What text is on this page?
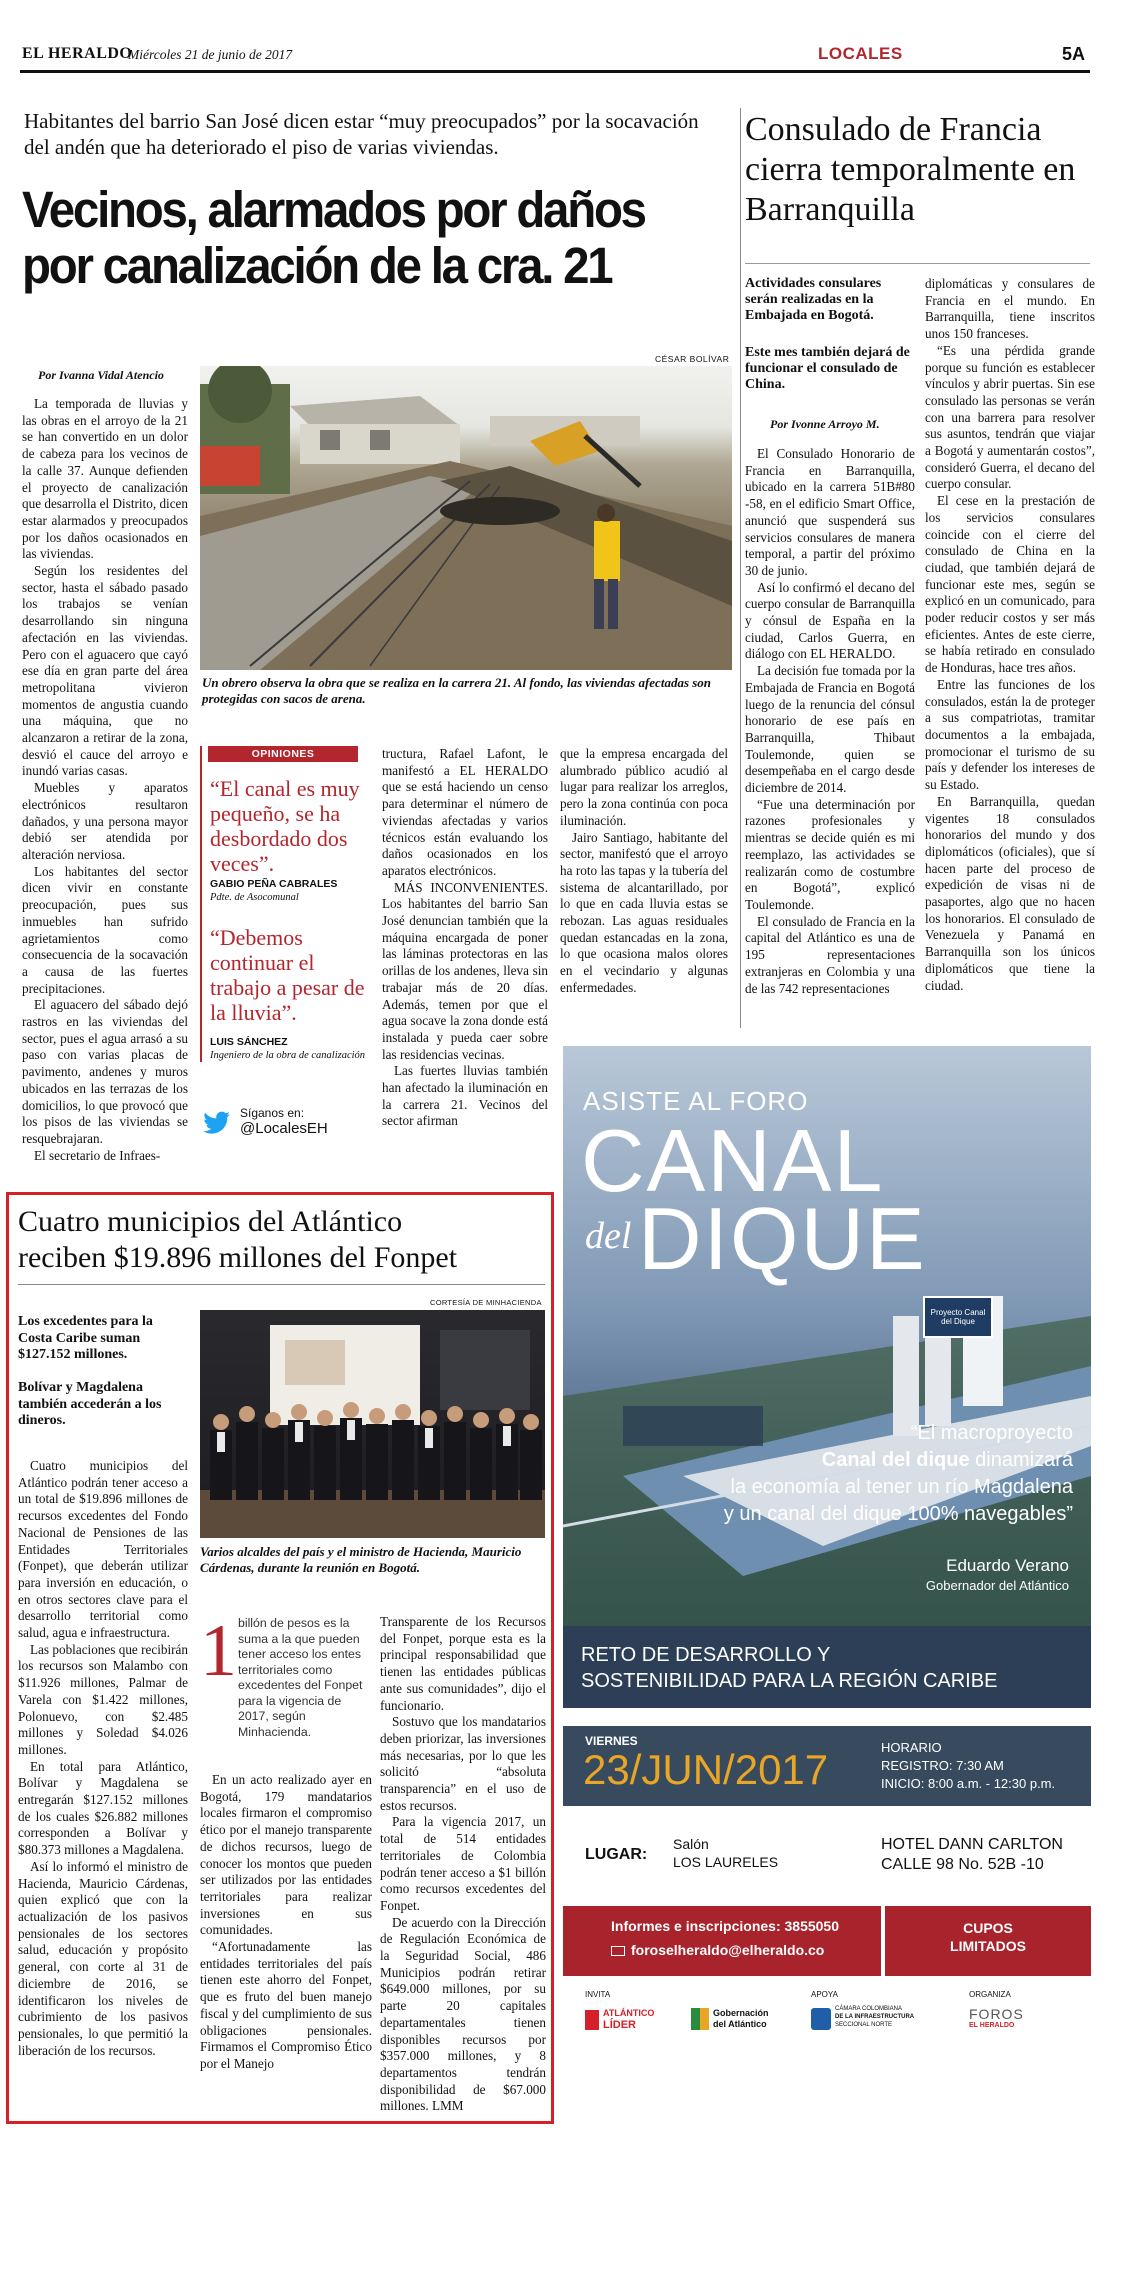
EL HERALDO
Miércoles 21 de junio de 2017	LOCALES	5A
Habitantes del barrio San José dicen estar “muy preocupados” por la socavación del andén que ha deteriorado el piso de varias viviendas.
Vecinos, alarmados por daños
por canalización de la cra. 21
Por Ivanna Vidal Atencio
CÉSAR BOLÍVAR
Un obrero observa la obra que se realiza en la carrera 21. Al fondo, las viviendas afectadas son protegidas con sacos de arena.

La temporada de lluvias y las obras en el arroyo de la 21 se han convertido en un dolor de cabeza para los vecinos de la calle 37. Aunque defienden el proyecto de canalización que desarrolla el Distrito, dicen estar alarmados y preocupados por los daños ocasionados en las viviendas.

Según los residentes del sector, hasta el sábado pasado los trabajos se venían desarrollando sin ninguna afectación en las viviendas. Pero con el aguacero que cayó ese día en gran parte del área metropolitana vivieron momentos de angustia cuando una máquina, que no alcanzaron a retirar de la zona, desvió el cauce del arroyo e inundó varias casas.

Muebles y aparatos electrónicos resultaron dañados, y una persona mayor debió ser atendida por alteración nerviosa.

Los habitantes del sector dicen vivir en constante preocupación, pues sus inmuebles han sufrido agrietamientos como consecuencia de la socavación a causa de las fuertes precipitaciones.

El aguacero del sábado dejó rastros en las viviendas del sector, pues el agua arrasó a su paso con varias placas de pavimento, andenes y muros ubicados en las terrazas de los domicilios, lo que provocó que los pisos de las viviendas se resquebrajaran.

El secretario de Infraes-

OPINIONES
“El canal es muy pequeño, se ha desbordado dos veces”.
GABIO PEÑA CABRALES
Pdte. de Asocomunal
“Debemos continuar el trabajo a pesar de la lluvia”.
LUIS SÁNCHEZ
Ingeniero de la obra de canalización
Síganos en:
@LocalesEH

tructura, Rafael Lafont, le manifestó a EL HERALDO que se está haciendo un censo para determinar el número de viviendas afectadas y varios técnicos están evaluando los daños ocasionados en los aparatos electrónicos.

MÁS INCONVENIENTES. Los habitantes del barrio San José denuncian también que la máquina encargada de poner las láminas protectoras en las orillas de los andenes, lleva sin trabajar más de 20 días. Además, temen por que el agua socave la zona donde está instalada y pueda caer sobre las residencias vecinas.

Las fuertes lluvias también han afectado la iluminación en la carrera 21. Vecinos del sector afirman

que la empresa encargada del alumbrado público acudió al lugar para realizar los arreglos, pero la zona continúa con poca iluminación.

Jairo Santiago, habitante del sector, manifestó que el arroyo ha roto las tapas y la tubería del sistema de alcantarillado, por lo que en cada lluvia estas se rebozan. Las aguas residuales quedan estancadas en la zona, lo que ocasiona malos olores en el vecindario y algunas enfermedades.

Consulado de Francia cierra temporalmente en Barranquilla
Actividades consulares serán realizadas en la Embajada en Bogotá.
Este mes también dejará de funcionar el consulado de China.
Por Ivonne Arroyo M.

El Consulado Honorario de Francia en Barranquilla, ubicado en la carrera 51B#80 -58, en el edificio Smart Office, anunció que suspenderá sus servicios consulares de manera temporal, a partir del próximo 30 de junio.

Así lo confirmó el decano del cuerpo consular de Barranquilla y cónsul de España en la ciudad, Carlos Guerra, en diálogo con EL HERALDO.

La decisión fue tomada por la Embajada de Francia en Bogotá luego de la renuncia del cónsul honorario de ese país en Barranquilla, Thibaut Toulemonde, quien se desempeñaba en el cargo desde diciembre de 2014.

“Fue una determinación por razones profesionales y mientras se decide quién es mi reemplazo, las actividades se realizarán como de costumbre en Bogotá”, explicó Toulemonde.

El consulado de Francia en la capital del Atlántico es una de 195 representaciones extranjeras en Colombia y una de las 742 representaciones

diplomáticas y consulares de Francia en el mundo. En Barranquilla, tiene inscritos unos 150 franceses.

“Es una pérdida grande porque su función es establecer vínculos y abrir puertas. Sin ese consulado las personas se verán con una barrera para resolver sus asuntos, tendrán que viajar a Bogotá y aumentarán costos”, consideró Guerra, el decano del cuerpo consular.

El cese en la prestación de los servicios consulares coincide con el cierre del consulado de China en la ciudad, que también dejará de funcionar este mes, según se explicó en un comunicado, para poder reducir costos y ser más eficientes. Antes de este cierre, se había retirado en consulado de Honduras, hace tres años.

Entre las funciones de los consulados, están la de proteger a sus compatriotas, tramitar documentos a la embajada, promocionar el turismo de su país y defender los intereses de su Estado.

En Barranquilla, quedan vigentes 18 consulados honorarios del mundo y dos diplomáticos (oficiales), que sí hacen parte del proceso de expedición de visas ni de pasaportes, algo que no hacen los honorarios. El consulado de Venezuela y Panamá en Barranquilla son los únicos diplomáticos que tiene la ciudad.

Cuatro municipios del Atlántico
reciben $19.896 millones del Fonpet
CORTESÍA DE MINHACIENDA
Los excedentes para la Costa Caribe suman $127.152 millones.
Bolívar y Magdalena también accederán a los dineros.
Varios alcaldes del país y el ministro de Hacienda, Mauricio Cárdenas, durante la reunión en Bogotá.

Cuatro municipios del Atlántico podrán tener acceso a un total de $19.896 millones de recursos excedentes del Fondo Nacional de Pensiones de las Entidades Territoriales (Fonpet), que deberán utilizar para inversión en educación, o en otros sectores clave para el desarrollo territorial como salud, agua e infraestructura.

Las poblaciones que recibirán los recursos son Malambo con $11.926 millones, Palmar de Varela con $1.422 millones, Polonuevo, con $2.485 millones y Soledad $4.026 millones.

En total para Atlántico, Bolívar y Magdalena se entregarán $127.152 millones de los cuales $26.882 millones corresponden a Bolívar y $80.373 millones a Magdalena.

Así lo informó el ministro de Hacienda, Mauricio Cárdenas, quien explicó que con la actualización de los pasivos pensionales de los sectores salud, educación y propósito general, con corte al 31 de diciembre de 2016, se identificaron los niveles de cubrimiento de los pasivos pensionales, lo que permitió la liberación de los recursos.

1 billón de pesos es la suma a la que pueden tener acceso los entes territoriales como excedentes del Fonpet para la vigencia de 2017, según Minhacienda.

En un acto realizado ayer en Bogotá, 179 mandatarios locales firmaron el compromiso ético por el manejo transparente de dichos recursos, luego de conocer los montos que pueden ser utilizados por las entidades territoriales para realizar inversiones en sus comunidades.

“Afortunadamente las entidades territoriales del país tienen este ahorro del Fonpet, que es fruto del buen manejo fiscal y del cumplimiento de sus obligaciones pensionales. Firmamos el Compromiso Ético por el Manejo

Transparente de los Recursos del Fonpet, porque esta es la principal responsabilidad que tienen las entidades públicas ante sus comunidades”, dijo el funcionario.

Sostuvo que los mandatarios deben priorizar, las inversiones más necesarias, por lo que les solicitó “absoluta transparencia” en el uso de estos recursos.

Para la vigencia 2017, un total de 514 entidades territoriales de Colombia podrán tener acceso a $1 billón como recursos excedentes del Fonpet.

De acuerdo con la Dirección de Regulación Económica de la Seguridad Social, 486 Municipios podrán retirar $649.000 millones, por su parte 20 capitales departamentales tienen disponibles recursos por $357.000 millones, y 8 departamentos tendrán disponibilidad de $67.000 millones. LMM

Proyecto Canal
del Dique
ASISTE AL FORO
CANAL
del DIQUE
“El macroproyecto
Canal del dique dinamizará
la economía al tener un río Magdalena
y un canal del dique 100% navegables”
Eduardo Verano
Gobernador del Atlántico
RETO DE DESARROLLO Y
SOSTENIBILIDAD PARA LA REGIÓN CARIBE
VIERNES
23/JUN/2017	HORARIO
REGISTRO: 7:30 AM
INICIO: 8:00 a.m. - 12:30 p.m.
LUGAR:
Salón
LOS LAURELES
HOTEL DANN CARLTON
CALLE 98 No. 52B -10
Informes e inscripciones: 3855050
foroselheraldo@elheraldo.co
CUPOS
LIMITADOS
INVITA	APOYA	ORGANIZA
ATLÁNTICO
LÍDER
Gobernación
del Atlántico
CÁMARA COLOMBIANA
DE LA INFRAESTRUCTURA
SECCIONAL NORTE
FOROS
EL HERALDO
